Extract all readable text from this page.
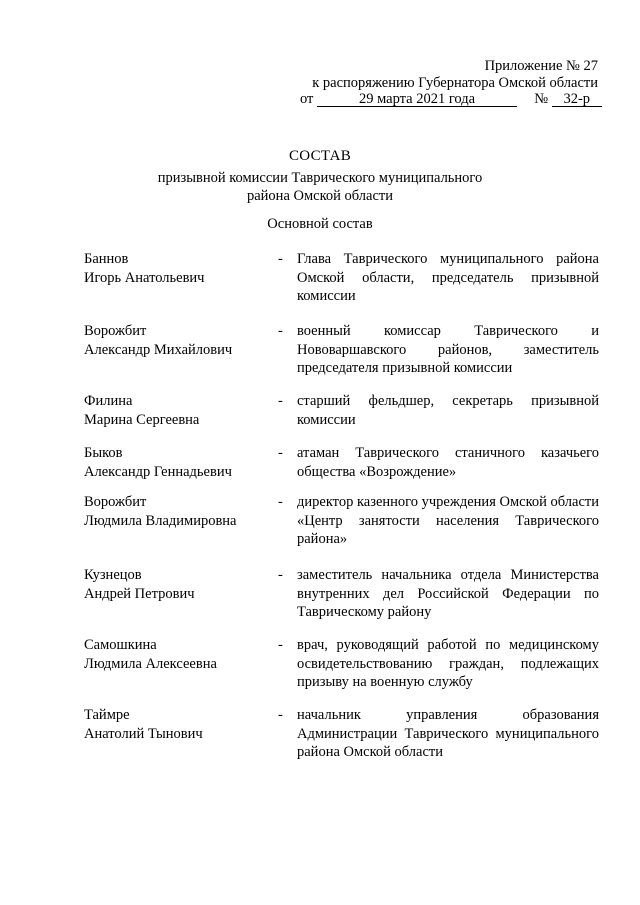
Приложение № 27
к распоряжению Губернатора Омской области
от	29 марта 2021 года	№ 32-р
СОСТАВ
призывной комиссии Таврического муниципального
района Омской области
Основной состав
Баннов
Игорь Анатольевич
- Глава Таврического муниципального района Омской области, председатель призывной комиссии
Ворожбит
Александр Михайлович
- военный комиссар Таврического и Нововаршавского районов, заместитель председателя призывной комиссии
Филина
Марина Сергеевна
- старший фельдшер, секретарь призывной комиссии
Быков
Александр Геннадьевич
- атаман Таврического станичного казачьего общества «Возрождение»
Ворожбит
Людмила Владимировна
- директор казенного учреждения Омской области «Центр занятости населения Таврического района»
Кузнецов
Андрей Петрович
- заместитель начальника отдела Министерства внутренних дел Российской Федерации по Таврическому району
Самошкина
Людмила Алексеевна
- врач, руководящий работой по медицинскому освидетельствованию граждан, подлежащих призыву на военную службу
Таймре
Анатолий Тынович
- начальник управления образования Администрации Таврического муниципального района Омской области
